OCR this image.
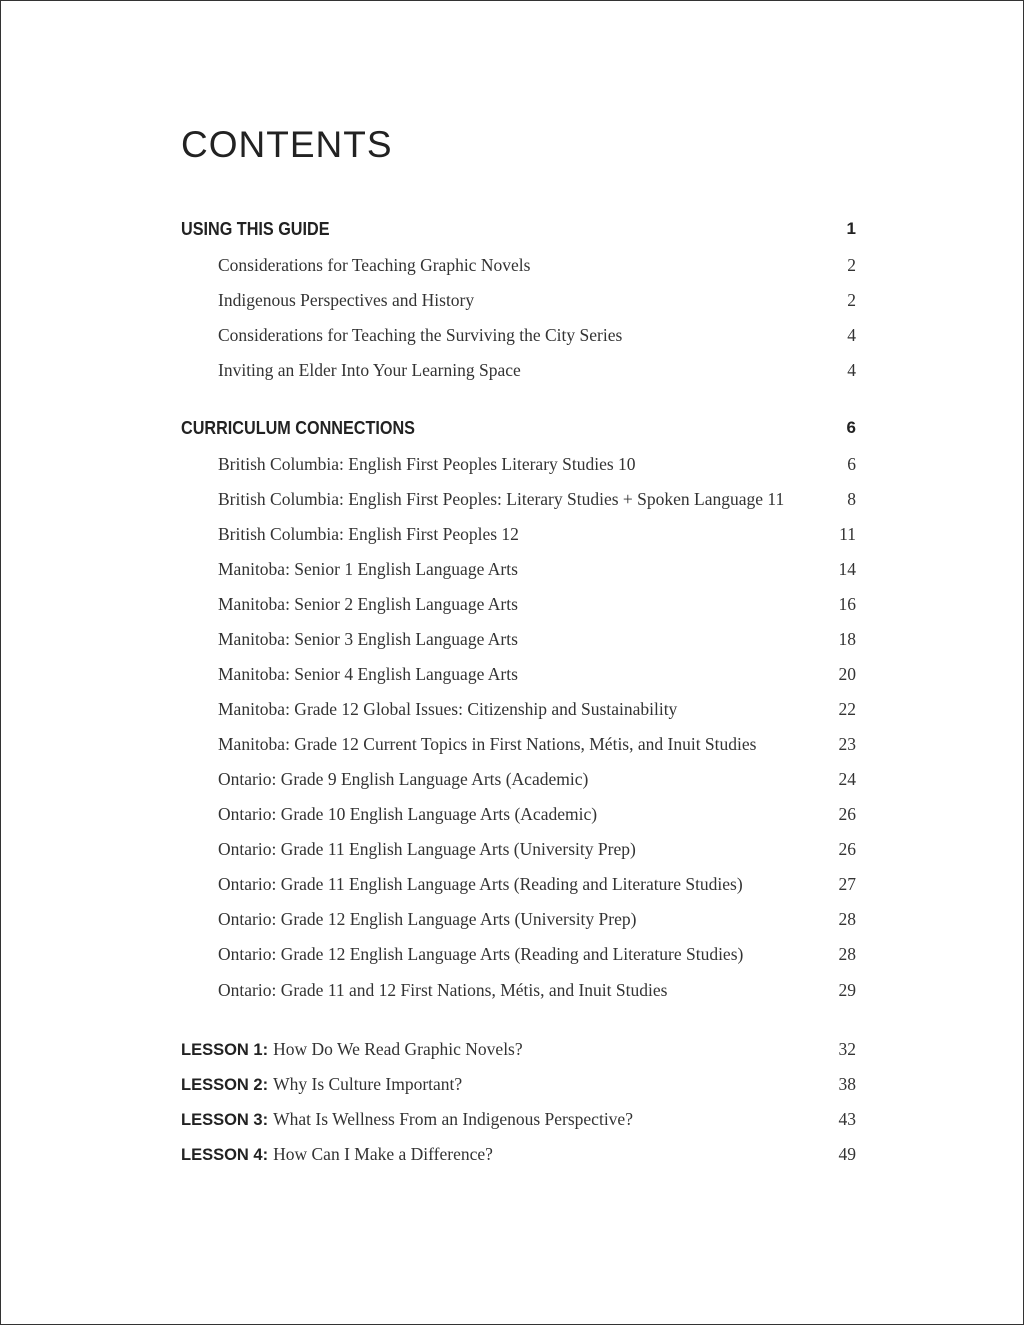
CONTENTS
USING THIS GUIDE	1
Considerations for Teaching Graphic Novels	2
Indigenous Perspectives and History	2
Considerations for Teaching the Surviving the City Series	4
Inviting an Elder Into Your Learning Space	4
CURRICULUM CONNECTIONS	6
British Columbia: English First Peoples Literary Studies 10	6
British Columbia: English First Peoples: Literary Studies + Spoken Language 11	8
British Columbia: English First Peoples 12	11
Manitoba: Senior 1 English Language Arts	14
Manitoba: Senior 2 English Language Arts	16
Manitoba: Senior 3 English Language Arts	18
Manitoba: Senior 4 English Language Arts	20
Manitoba: Grade 12 Global Issues: Citizenship and Sustainability	22
Manitoba: Grade 12 Current Topics in First Nations, Métis, and Inuit Studies	23
Ontario: Grade 9 English Language Arts (Academic)	24
Ontario: Grade 10 English Language Arts (Academic)	26
Ontario: Grade 11 English Language Arts (University Prep)	26
Ontario: Grade 11 English Language Arts (Reading and Literature Studies)	27
Ontario: Grade 12 English Language Arts (University Prep)	28
Ontario: Grade 12 English Language Arts (Reading and Literature Studies)	28
Ontario: Grade 11 and 12 First Nations, Métis, and Inuit Studies	29
LESSON 1: How Do We Read Graphic Novels?	32
LESSON 2: Why Is Culture Important?	38
LESSON 3: What Is Wellness From an Indigenous Perspective?	43
LESSON 4: How Can I Make a Difference?	49
